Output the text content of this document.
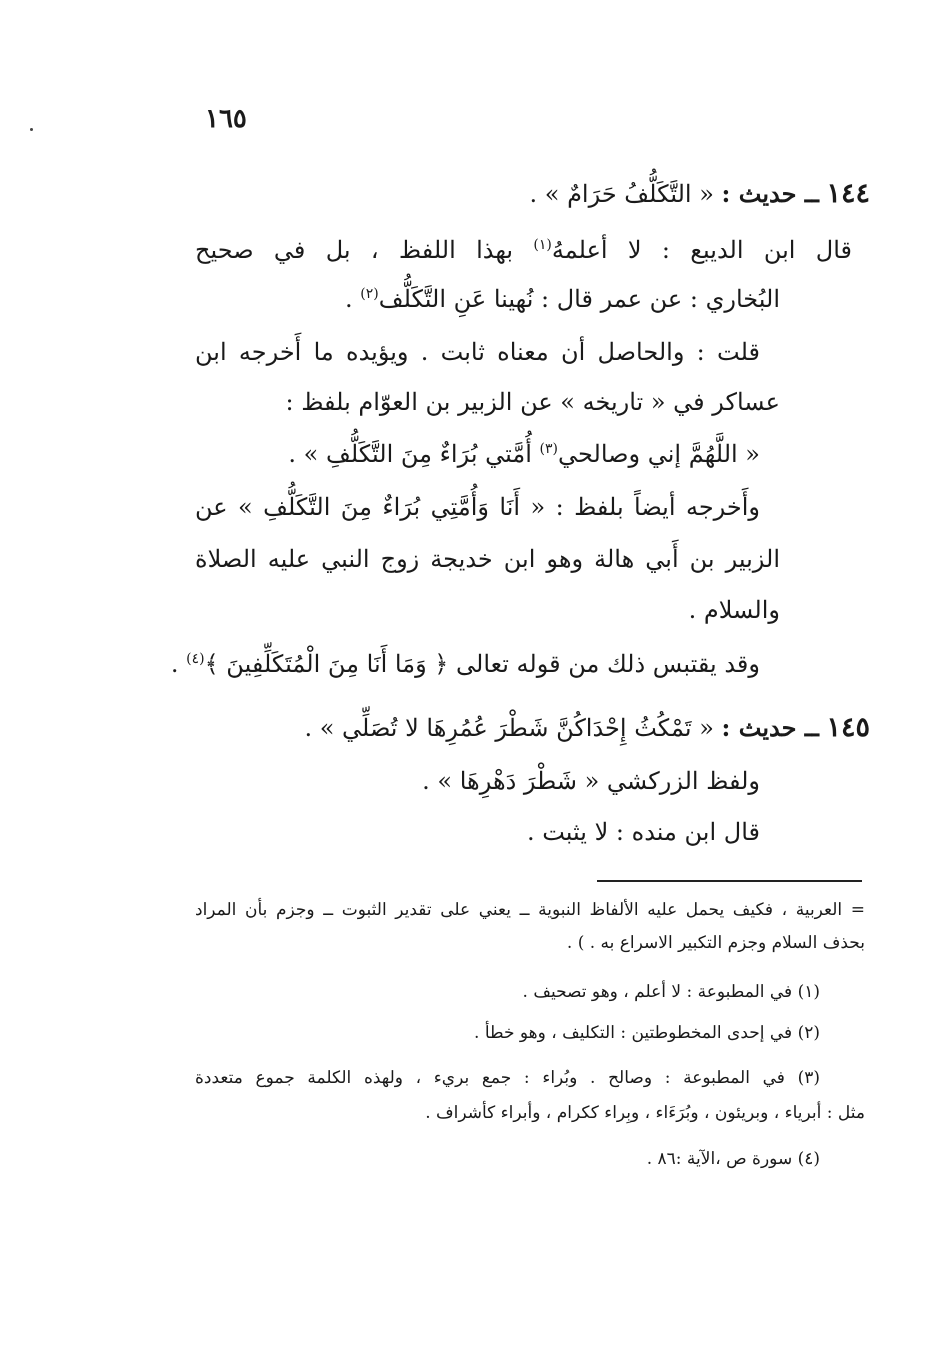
١٦٥
١٤٤ ــ حديث : « التَّكَلُّفُ حَرَامٌ » .
قال ابن الديبع : لا أعلمهُ$^{(١)}$ بهذا اللفظ ، بل في صحيح
البُخاري : عن عمر قال : نُهينا عَنِ التَّكَلُّف$^{(٢)}$ .
قلت : والحاصل أن معناه ثابت . ويؤيده ما أَخرجه ابن
عساكر في « تاريخه » عن الزبير بن العوّام بلفظ :
« اللَّهُمَّ إني وصالحي$^{(٣)}$ أُمَّتي بُرَاءٌ مِنَ التَّكَلُّفِ » .
وأَخرجه أيضاً بلفظ : « أَنَا وَأُمَّتِي بُرَاءٌ مِنَ التَّكَلُّفِ » عن
الزبير بن أَبي هالة وهو ابن خديجة زوج النبي عليه الصلاة
والسلام .
وقد يقتبس ذلك من قوله تعالى ﴿ وَمَا أَنَا مِنَ الْمُتَكَلِّفِينَ ﴾$^{(٤)}$ .
١٤٥ ــ حديث : « تَمْكُثُ إِحْدَاكُنَّ شَطْرَ عُمُرِهَا لا تُصَلِّي » .
ولفظ الزركشي « شَطْرَ دَهْرِهَا » .
قال ابن منده : لا يثبت .
= العربية ، فكيف يحمل عليه الألفاظ النبوية ــ يعني على تقدير الثبوت ــ وجزم بأن المراد
بحذف السلام وجزم التكبير الاسراع به . ) .
(١) في المطبوعة : لا أعلم ، وهو تصحيف .
(٢) في إحدى المخطوطتين : التكليف ، وهو خطأ .
(٣) في المطبوعة : وصالح . وبُراء : جمع بريء ، ولهذه الكلمة جموع متعددة
مثل : أبرياء ، وبريئون ، وبُرَءَاء ، وبِراء ككرام ، وأبراء كأشراف .
(٤) سورة ص ،الآية :٨٦ .
